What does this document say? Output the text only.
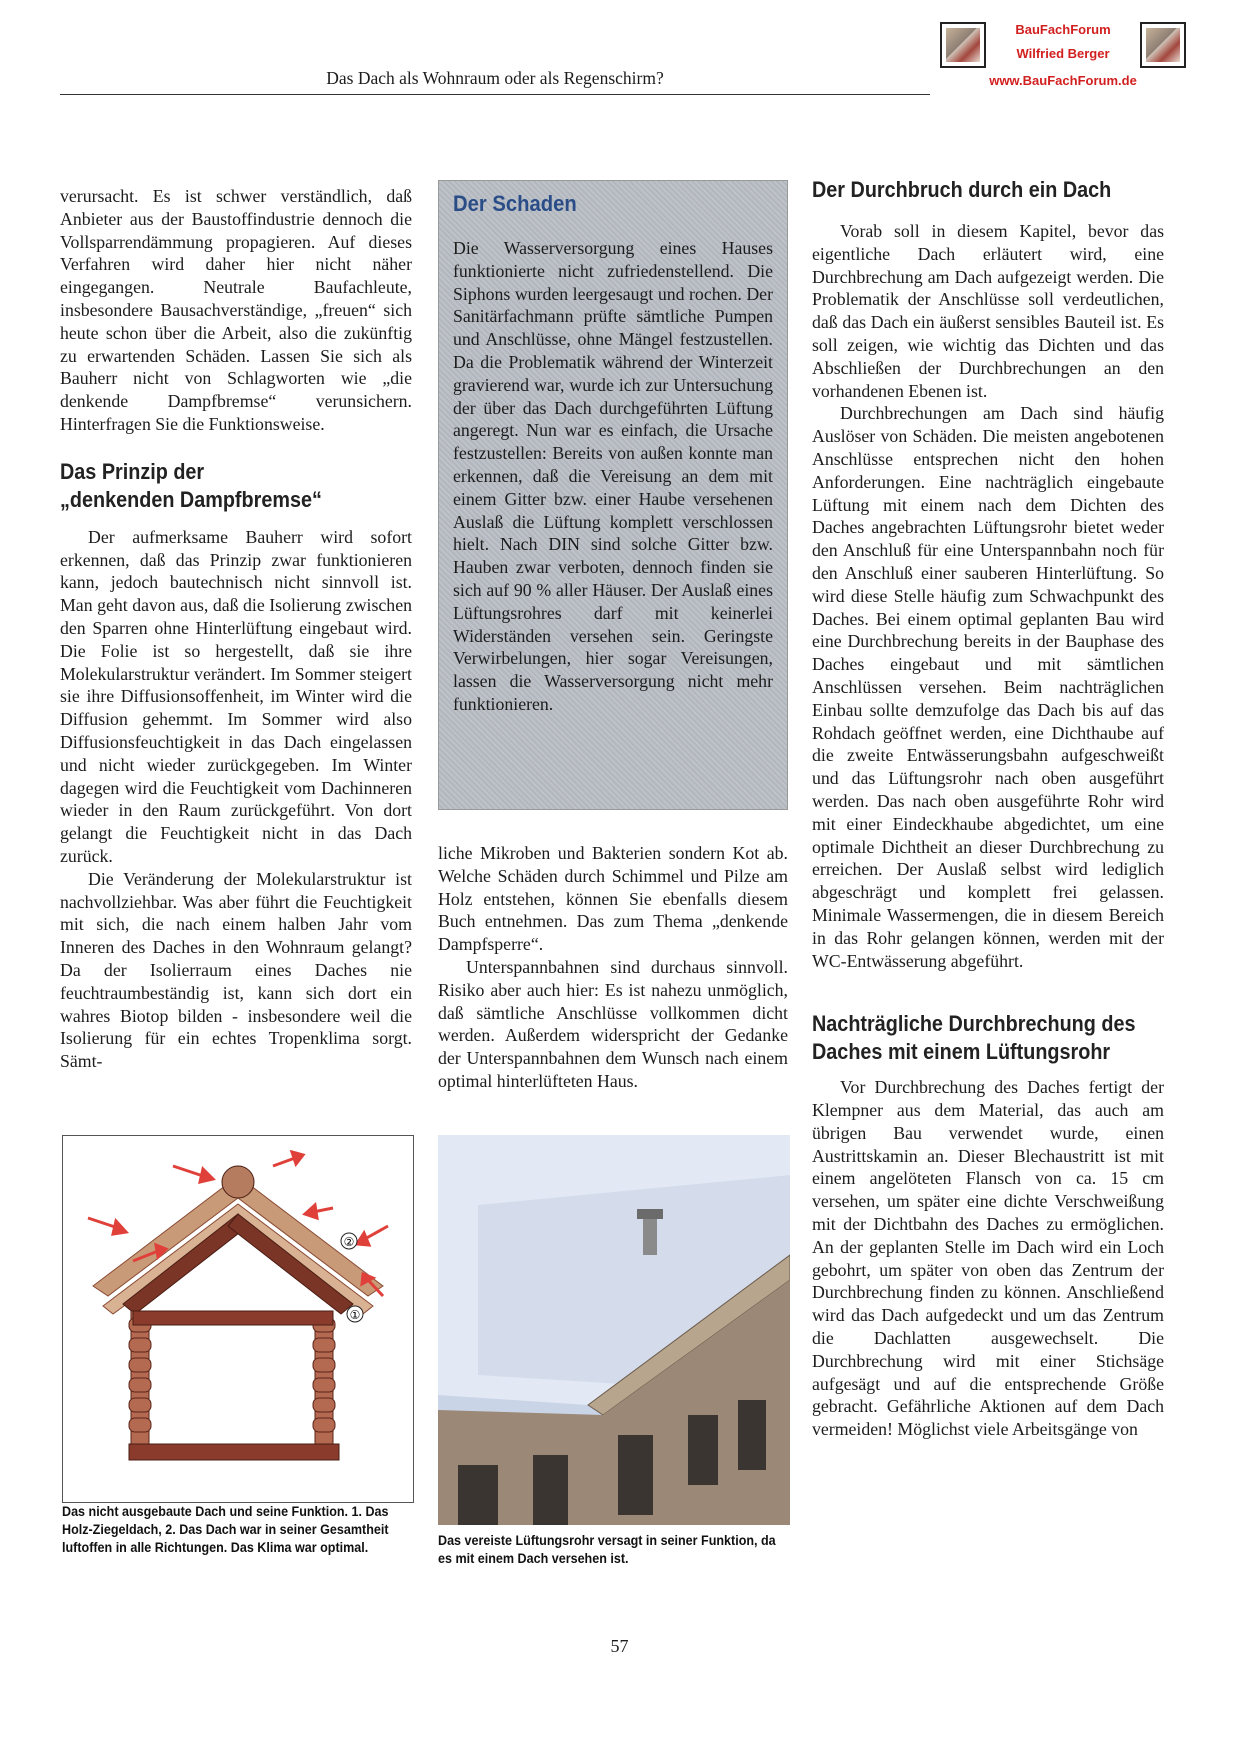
Das Dach als Wohnraum oder als Regenschirm?
BauFachForum
Wilfried Berger
www.BauFachForum.de

verursacht. Es ist schwer verständlich, daß Anbieter aus der Baustoffindustrie dennoch die Vollsparrendämmung propagieren. Auf dieses Verfahren wird daher hier nicht näher eingegangen. Neutrale Baufachleute, insbesondere Bausachverständige, „freuen“ sich heute schon über die Arbeit, also die zukünftig zu erwartenden Schäden. Lassen Sie sich als Bauherr nicht von Schlagworten wie „die denkende Dampfbremse“ verunsichern. Hinterfragen Sie die Funktionsweise.

Das Prinzip der
„denkenden Dampfbremse“

Der aufmerksame Bauherr wird sofort erkennen, daß das Prinzip zwar funktionieren kann, jedoch bautechnisch nicht sinnvoll ist. Man geht davon aus, daß die Isolierung zwischen den Sparren ohne Hinterlüftung eingebaut wird. Die Folie ist so hergestellt, daß sie ihre Molekularstruktur verändert. Im Sommer steigert sie ihre Diffusionsoffenheit, im Winter wird die Diffusion gehemmt. Im Sommer wird also Diffusionsfeuchtigkeit in das Dach eingelassen und nicht wieder zurückgegeben. Im Winter dagegen wird die Feuchtigkeit vom Dachinneren wieder in den Raum zurückgeführt. Von dort gelangt die Feuchtigkeit nicht in das Dach zurück.

Die Veränderung der Molekularstruktur ist nachvollziehbar. Was aber führt die Feuchtigkeit mit sich, die nach einem halben Jahr vom Inneren des Daches in den Wohnraum gelangt? Da der Isolierraum eines Daches nie feuchtraumbeständig ist, kann sich dort ein wahres Biotop bilden - insbesondere weil die Isolierung für ein echtes Tropenklima sorgt. Sämt-

Der Schaden
Die Wasserversorgung eines Hauses funktionierte nicht zufriedenstellend. Die Siphons wurden leergesaugt und rochen. Der Sanitärfachmann prüfte sämtliche Pumpen und Anschlüsse, ohne Mängel festzustellen. Da die Problematik während der Winterzeit gravierend war, wurde ich zur Untersuchung der über das Dach durchgeführten Lüftung angeregt. Nun war es einfach, die Ursache festzustellen: Bereits von außen konnte man erkennen, daß die Vereisung an dem mit einem Gitter bzw. einer Haube versehenen Auslaß die Lüftung komplett verschlossen hielt. Nach DIN sind solche Gitter bzw. Hauben zwar verboten, dennoch finden sie sich auf 90 % aller Häuser. Der Auslaß eines Lüftungsrohres darf mit keinerlei Widerständen versehen sein. Geringste Verwirbelungen, hier sogar Vereisungen, lassen die Wasserversorgung nicht mehr funktionieren.

liche Mikroben und Bakterien sondern Kot ab. Welche Schäden durch Schimmel und Pilze am Holz entstehen, können Sie ebenfalls diesem Buch entnehmen. Das zum Thema „denkende Dampfsperre“.

Unterspannbahnen sind durchaus sinnvoll. Risiko aber auch hier: Es ist nahezu unmöglich, daß sämtliche Anschlüsse vollkommen dicht werden. Außerdem widerspricht der Gedanke der Unterspannbahnen dem Wunsch nach einem optimal hinterlüfteten Haus.

Der Durchbruch durch ein Dach

Vorab soll in diesem Kapitel, bevor das eigentliche Dach erläutert wird, eine Durchbrechung am Dach aufgezeigt werden. Die Problematik der Anschlüsse soll verdeutlichen, daß das Dach ein äußerst sensibles Bauteil ist. Es soll zeigen, wie wichtig das Dichten und das Abschließen der Durchbrechungen an den vorhandenen Ebenen ist.

Durchbrechungen am Dach sind häufig Auslöser von Schäden. Die meisten angebotenen Anschlüsse entsprechen nicht den hohen Anforderungen. Eine nachträglich eingebaute Lüftung mit einem nach dem Dichten des Daches angebrachten Lüftungsrohr bietet weder den Anschluß für eine Unterspannbahn noch für den Anschluß einer sauberen Hinterlüftung. So wird diese Stelle häufig zum Schwachpunkt des Daches. Bei einem optimal geplanten Bau wird eine Durchbrechung bereits in der Bauphase des Daches eingebaut und mit sämtlichen Anschlüssen versehen. Beim nachträglichen Einbau sollte demzufolge das Dach bis auf das Rohdach geöffnet werden, eine Dichthaube auf die zweite Entwässerungsbahn aufgeschweißt und das Lüftungsrohr nach oben ausgeführt werden. Das nach oben ausgeführte Rohr wird mit einer Eindeckhaube abgedichtet, um eine optimale Dichtheit an dieser Durchbrechung zu erreichen. Der Auslaß selbst wird lediglich abgeschrägt und komplett frei gelassen. Minimale Wassermengen, die in diesem Bereich in das Rohr gelangen können, werden mit der WC-Entwässerung abgeführt.

Nachträgliche Durchbrechung des
Daches mit einem Lüftungsrohr

Vor Durchbrechung des Daches fertigt der Klempner aus dem Material, das auch am übrigen Bau verwendet wurde, einen Austrittskamin an. Dieser Blechaustritt ist mit einem angelöteten Flansch von ca. 15 cm versehen, um später eine dichte Verschweißung mit der Dichtbahn des Daches zu ermöglichen. An der geplanten Stelle im Dach wird ein Loch gebohrt, um später von oben das Zentrum der Durchbrechung finden zu können. Anschließend wird das Dach aufgedeckt und um das Zentrum die Dachlatten ausgewechselt. Die Durchbrechung wird mit einer Stichsäge aufgesägt und auf die entsprechende Größe gebracht. Gefährliche Aktionen auf dem Dach vermeiden! Möglichst viele Arbeitsgänge von

②
①
Das nicht ausgebaute Dach und seine Funktion. 1. Das Holz-Ziegeldach, 2. Das Dach war in seiner Gesamtheit luftoffen in alle Richtungen. Das Klima war optimal.	Das vereiste Lüftungsrohr versagt in seiner Funktion, da es mit einem Dach versehen ist.
57
